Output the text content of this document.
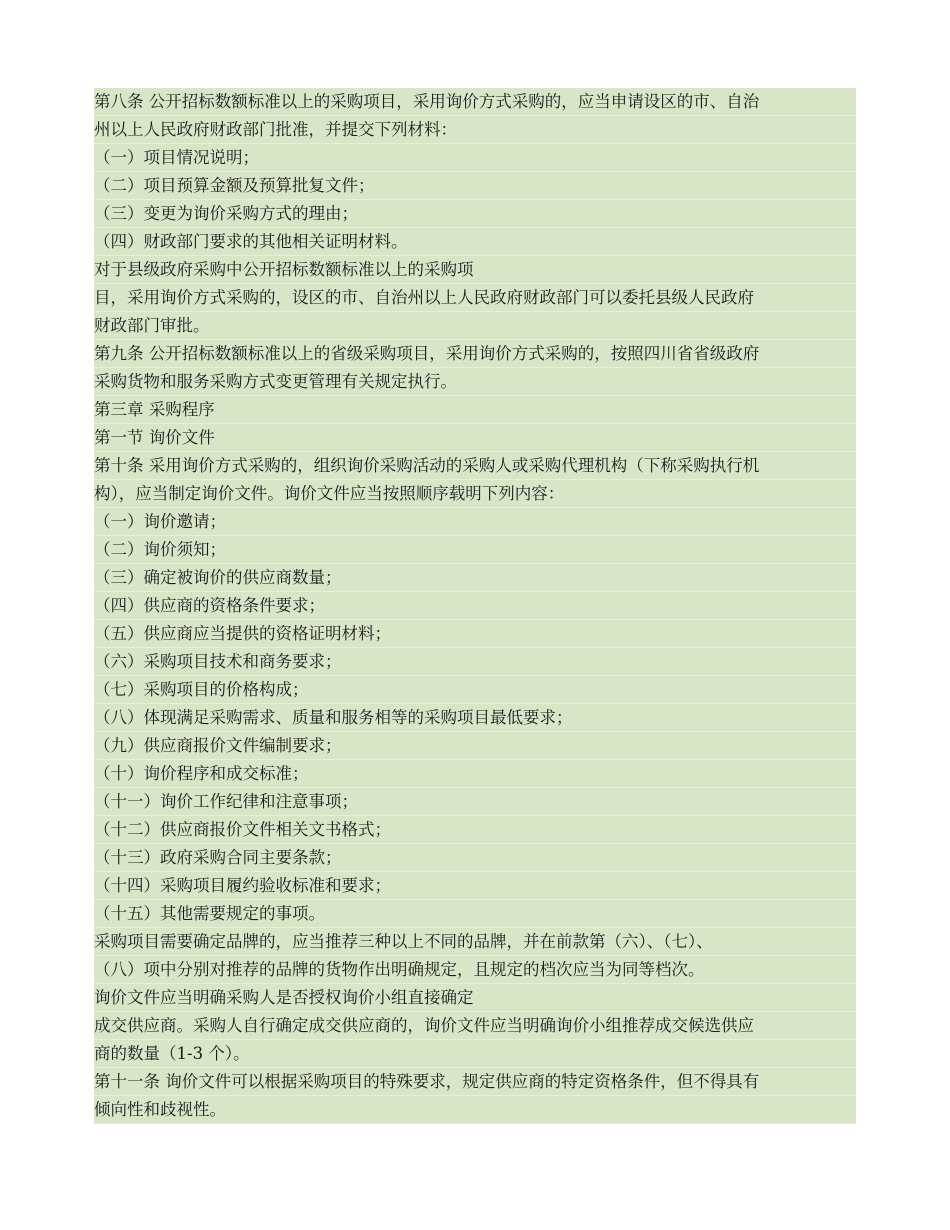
第八条 公开招标数额标准以上的采购项目，采用询价方式采购的，应当申请设区的市、自治
州以上人民政府财政部门批准，并提交下列材料：
（一）项目情况说明；
（二）项目预算金额及预算批复文件；
（三）变更为询价采购方式的理由；
（四）财政部门要求的其他相关证明材料。
对于县级政府采购中公开招标数额标准以上的采购项
目，采用询价方式采购的，设区的市、自治州以上人民政府财政部门可以委托县级人民政府
财政部门审批。
第九条 公开招标数额标准以上的省级采购项目，采用询价方式采购的，按照四川省省级政府
采购货物和服务采购方式变更管理有关规定执行。
第三章 采购程序
第一节 询价文件
第十条 采用询价方式采购的，组织询价采购活动的采购人或采购代理机构（下称采购执行机
构），应当制定询价文件。询价文件应当按照顺序载明下列内容：
（一）询价邀请；
（二）询价须知；
（三）确定被询价的供应商数量；
（四）供应商的资格条件要求；
（五）供应商应当提供的资格证明材料；
（六）采购项目技术和商务要求；
（七）采购项目的价格构成；
（八）体现满足采购需求、质量和服务相等的采购项目最低要求；
（九）供应商报价文件编制要求；
（十）询价程序和成交标准；
（十一）询价工作纪律和注意事项；
（十二）供应商报价文件相关文书格式；
（十三）政府采购合同主要条款；
（十四）采购项目履约验收标准和要求；
（十五）其他需要规定的事项。
采购项目需要确定品牌的，应当推荐三种以上不同的品牌，并在前款第（六）、（七）、
（八）项中分别对推荐的品牌的货物作出明确规定，且规定的档次应当为同等档次。
询价文件应当明确采购人是否授权询价小组直接确定
成交供应商。采购人自行确定成交供应商的，询价文件应当明确询价小组推荐成交候选供应
商的数量（1-3 个）。
第十一条 询价文件可以根据采购项目的特殊要求，规定供应商的特定资格条件，但不得具有
倾向性和歧视性。
